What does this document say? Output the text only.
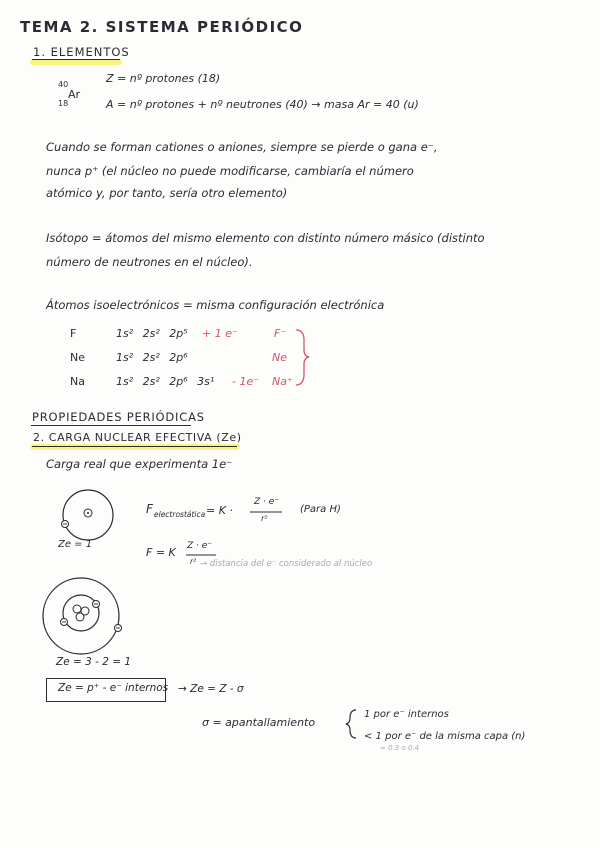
TEMA 2. SISTEMA PERIÓDICO
1. ELEMENTOS
40
Ar
18
Z = nº protones (18)
A = nº protones + nº neutrones (40) → masa Ar = 40 (u)
Cuando se forman cationes o aniones, siempre se pierde o gana e⁻,
nunca p⁺ (el núcleo no puede modificarse, cambiaría el número
atómico y, por tanto, sería otro elemento)
Isótopo = átomos del mismo elemento con distinto número másico (distinto
número de neutrones en el núcleo).
Átomos isoelectrónicos = misma configuración electrónica
F	1s² 2s² 2p⁵ + 1 e⁻	F⁻
Ne	1s² 2s² 2p⁶	Ne
Na	1s² 2s² 2p⁶ 3s¹ - 1e⁻ Na⁺
PROPIEDADES PERIÓDICAS
2. CARGA NUCLEAR EFECTIVA (Ze)
Carga real que experimenta 1e⁻
F electrostática = K ·
Z · e⁻
r²
(Para H)
F = K Z · e⁻
r² → distancia del e⁻ considerado al núcleo
Ze = 1
Ze = 3 - 2 = 1
Ze = p⁺ - e⁻ internos → Ze = Z - σ
σ = apantallamiento
1 por e⁻ internos
< 1 por e⁻ de la misma capa (n)
≈ 0.3 o 0.4
